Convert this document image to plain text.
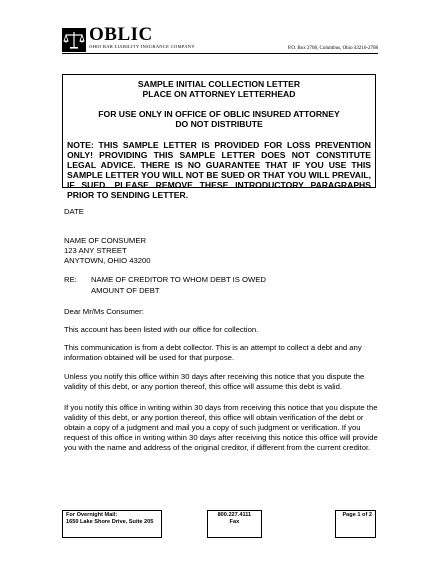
OBLIC
OHIO BAR LIABILITY INSURANCE COMPANY	P.O. Box 2708, Columbus, Ohio 43216-2708
SAMPLE INITIAL COLLECTION LETTER
PLACE ON ATTORNEY LETTERHEAD
FOR USE ONLY IN OFFICE OF OBLIC INSURED ATTORNEY
DO NOT DISTRIBUTE
NOTE: THIS SAMPLE LETTER IS PROVIDED FOR LOSS PREVENTION ONLY! PROVIDING THIS SAMPLE LETTER DOES NOT CONSTITUTE LEGAL ADVICE. THERE IS NO GUARANTEE THAT IF YOU USE THIS SAMPLE LETTER YOU WILL NOT BE SUED OR THAT YOU WILL PREVAIL, IF SUED. PLEASE REMOVE THESE INTRODUCTORY PARAGRAPHS PRIOR TO SENDING LETTER.
DATE
NAME OF CONSUMER
123 ANY STREET
ANYTOWN, OHIO 43200
RE: NAME OF CREDITOR TO WHOM DEBT IS OWED
AMOUNT OF DEBT
Dear Mr/Ms Consumer:
This account has been listed with our office for collection.
This communication is from a debt collector. This is an attempt to collect a debt and any information obtained will be used for that purpose.
Unless you notify this office within 30 days after receiving this notice that you dispute the validity of this debt, or any portion thereof, this office will assume this debt is valid.
If you notify this office in writing within 30 days from receiving this notice that you dispute the validity of this debt, or any portion thereof, this office will obtain verification of the debt or obtain a copy of a judgment and mail you a copy of such judgment or verification. If you request of this office in writing within 30 days after receiving this notice this office will provide you with the name and address of the original creditor, if different from the current creditor.
For Overnight Mail:
1650 Lake Shore Drive, Suite 205

800.227.4111
Fax
		Page 1 of 2
